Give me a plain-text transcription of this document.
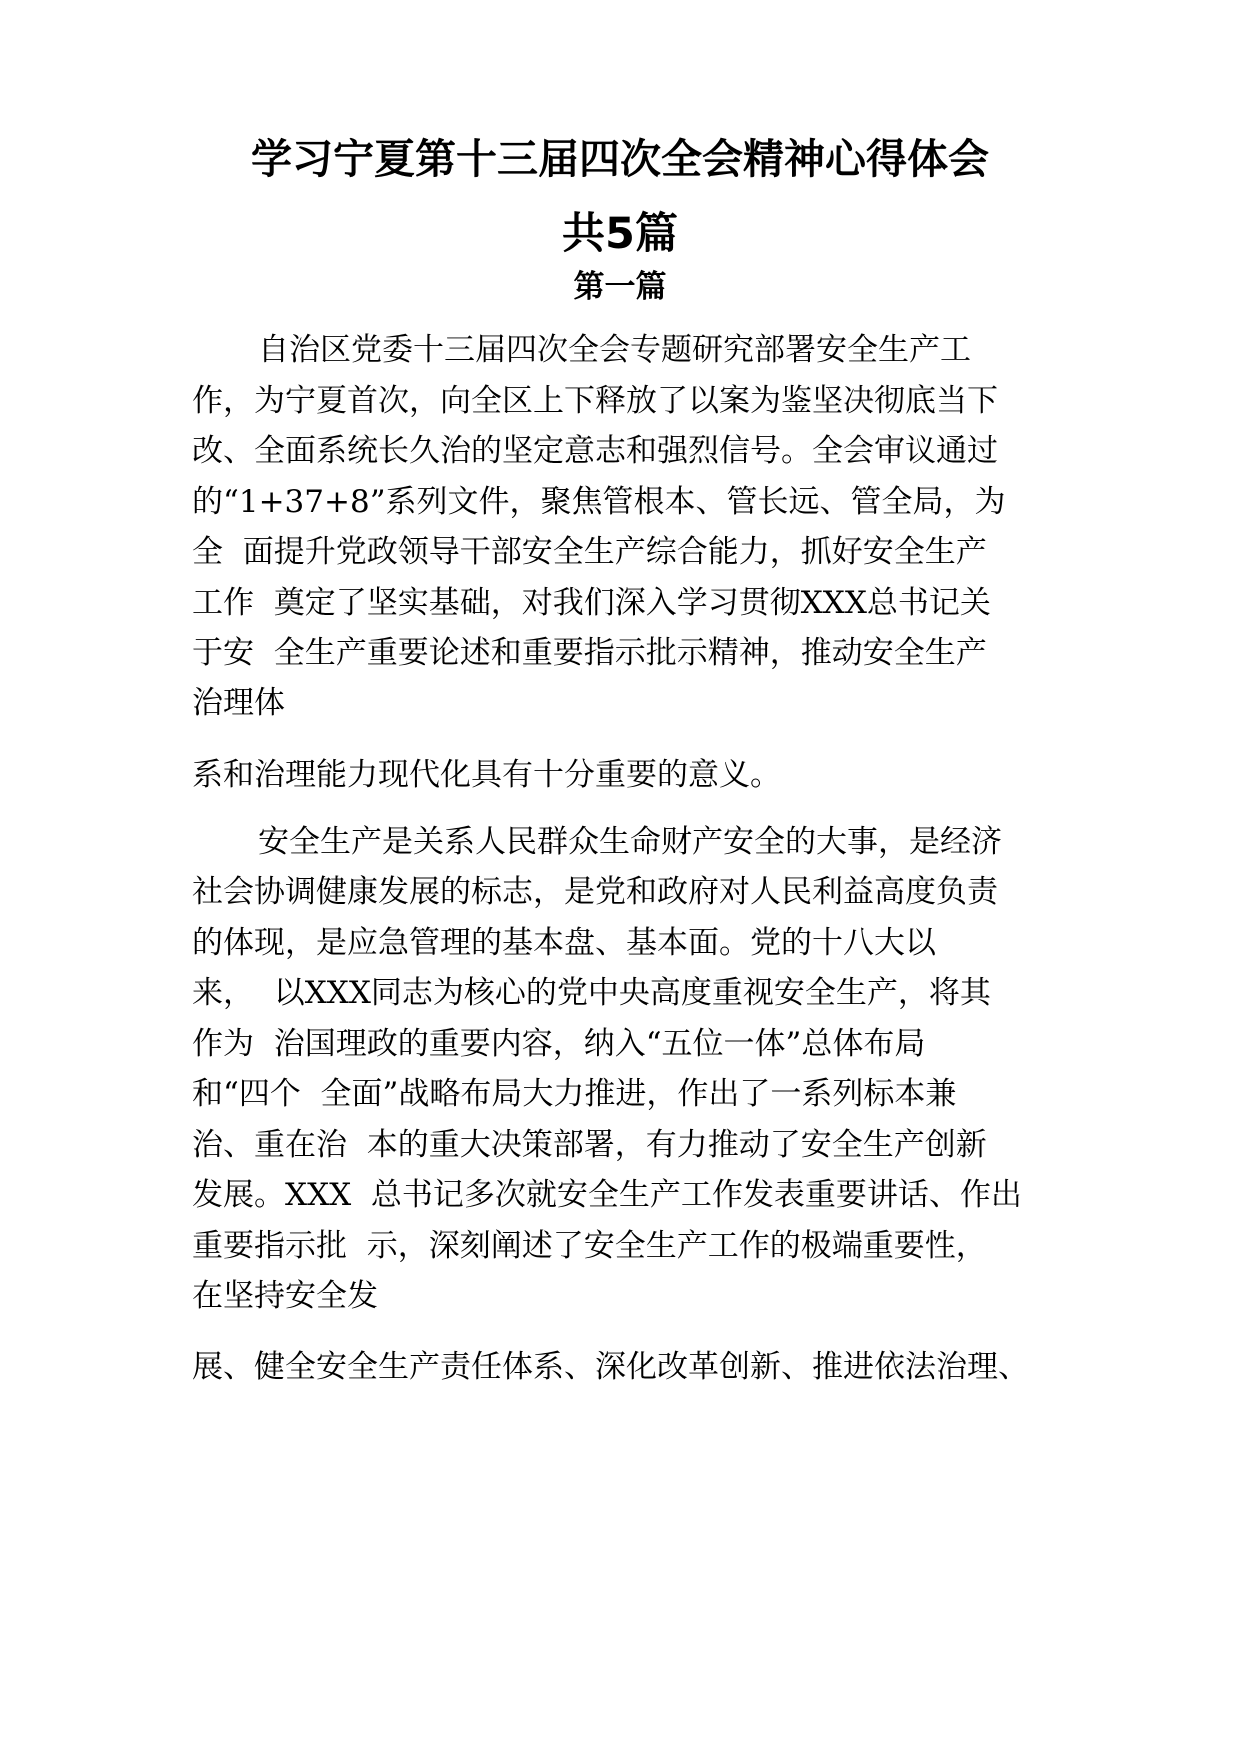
学习宁夏第十三届四次全会精神心得体会
共5篇
第一篇
自治区党委十三届四次全会专题研究部署安全生产工
作，为宁夏首次，向全区上下释放了以案为鉴坚决彻底当下
改、全面系统长久治的坚定意志和强烈信号。全会审议通过
的“1+37+8”系列文件，聚焦管根本、管长远、管全局，为
全  面提升党政领导干部安全生产综合能力，抓好安全生产
工作  奠定了坚实基础，对我们深入学习贯彻XXX总书记关
于安  全生产重要论述和重要指示批示精神，推动安全生产
治理体
系和治理能力现代化具有十分重要的意义。
安全生产是关系人民群众生命财产安全的大事，是经济
社会协调健康发展的标志，是党和政府对人民利益高度负责
的体现，是应急管理的基本盘、基本面。党的十八大以
来，  以XXX同志为核心的党中央高度重视安全生产，将其
作为  治国理政的重要内容，纳入“五位一体”总体布局
和“四个  全面”战略布局大力推进，作出了一系列标本兼
治、重在治  本的重大决策部署，有力推动了安全生产创新
发展。XXX  总书记多次就安全生产工作发表重要讲话、作出
重要指示批  示，深刻阐述了安全生产工作的极端重要性，
在坚持安全发
展、健全安全生产责任体系、深化改革创新、推进依法治理、
